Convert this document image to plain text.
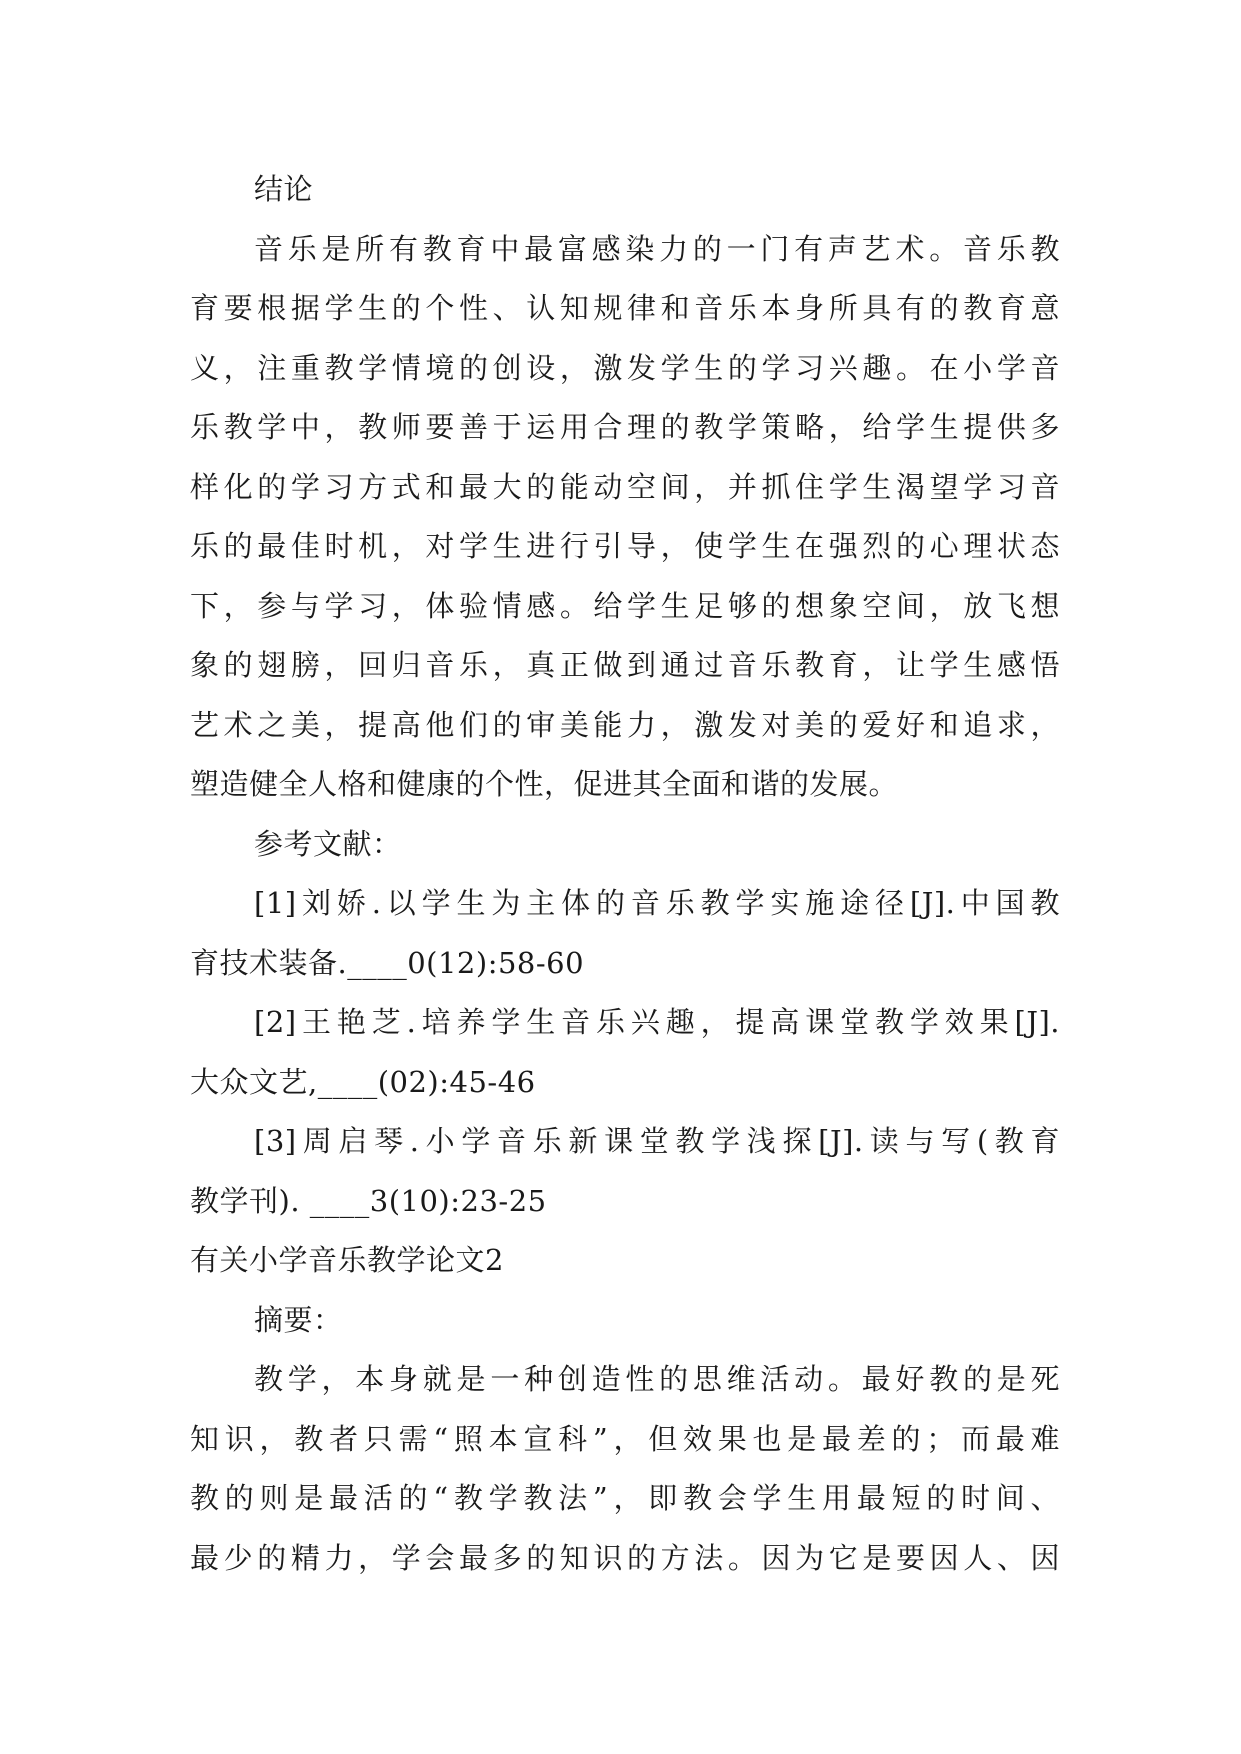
结论
音乐是所有教育中最富感染力的一门有声艺术。音乐教
育要根据学生的个性、认知规律和音乐本身所具有的教育意
义，注重教学情境的创设，激发学生的学习兴趣。在小学音
乐教学中，教师要善于运用合理的教学策略，给学生提供多
样化的学习方式和最大的能动空间，并抓住学生渴望学习音
乐的最佳时机，对学生进行引导，使学生在强烈的心理状态
下，参与学习，体验情感。给学生足够的想象空间，放飞想
象的翅膀，回归音乐，真正做到通过音乐教育，让学生感悟
艺术之美，提高他们的审美能力，激发对美的爱好和追求，
塑造健全人格和健康的个性，促进其全面和谐的发展。
参考文献：
[1]刘娇.以学生为主体的音乐教学实施途径[J].中国教
育技术装备.____0(12):58-60
[2]王艳芝.培养学生音乐兴趣，提高课堂教学效果[J].
大众文艺,____(02):45-46
[3]周启琴.小学音乐新课堂教学浅探[J].读与写(教育
教学刊). ____3(10):23-25
有关小学音乐教学论文2
摘要：
教学，本身就是一种创造性的思维活动。最好教的是死
知识，教者只需“照本宣科”，但效果也是最差的；而最难
教的则是最活的“教学教法”，即教会学生用最短的时间、
最少的精力，学会最多的知识的方法。因为它是要因人、因
